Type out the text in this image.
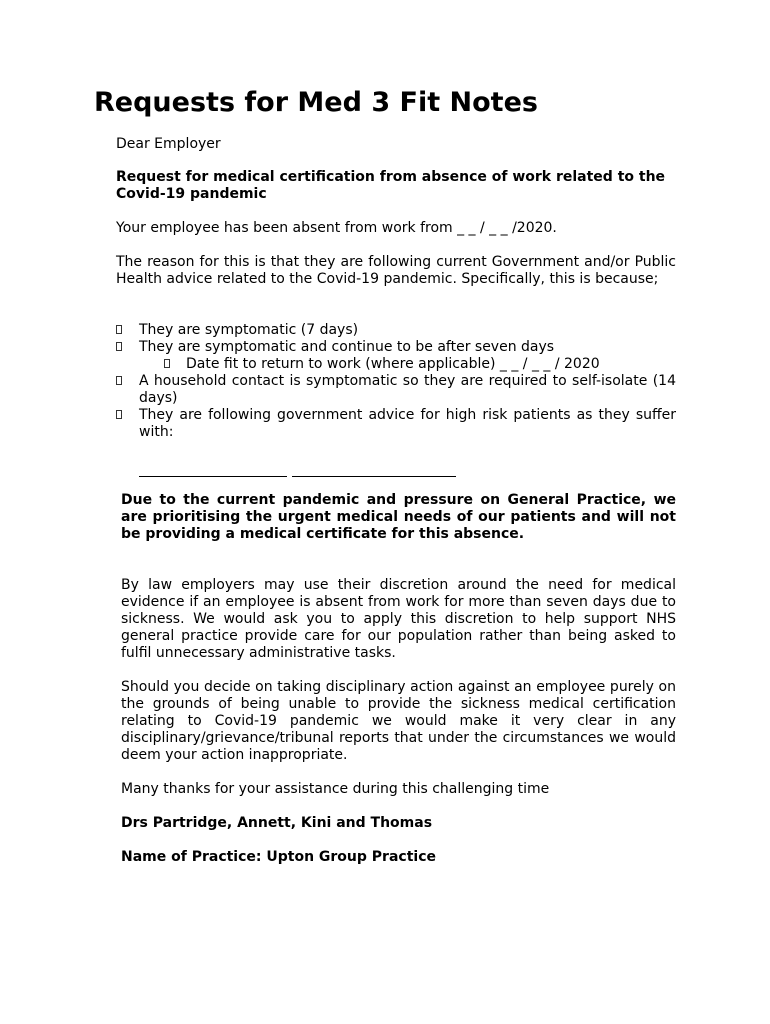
Requests for Med 3 Fit Notes

Dear Employer

Request for medical certification from absence of work related to the Covid-19 pandemic

Your employee has been absent from work from _ _ / _ _ /2020.

The reason for this is that they are following current Government and/or Public Health advice related to the Covid-19 pandemic. Specifically, this is because;

They are symptomatic (7 days)
They are symptomatic and continue to be after seven days
Date fit to return to work (where applicable) _ _ / _ _ / 2020
A household contact is symptomatic so they are required to self-isolate (14 days)
They are following government advice for high risk patients as they suffer with:

Due to the current pandemic and pressure on General Practice, we are prioritising the urgent medical needs of our patients and will not be providing a medical certificate for this absence.

By law employers may use their discretion around the need for medical evidence if an employee is absent from work for more than seven days due to sickness. We would ask you to apply this discretion to help support NHS general practice provide care for our population rather than being asked to fulfil unnecessary administrative tasks.

Should you decide on taking disciplinary action against an employee purely on the grounds of being unable to provide the sickness medical certification relating to Covid-19 pandemic we would make it very clear in any disciplinary/grievance/tribunal reports that under the circumstances we would deem your action inappropriate.

Many thanks for your assistance during this challenging time

Drs Partridge, Annett, Kini and Thomas

Name of Practice: Upton Group Practice
